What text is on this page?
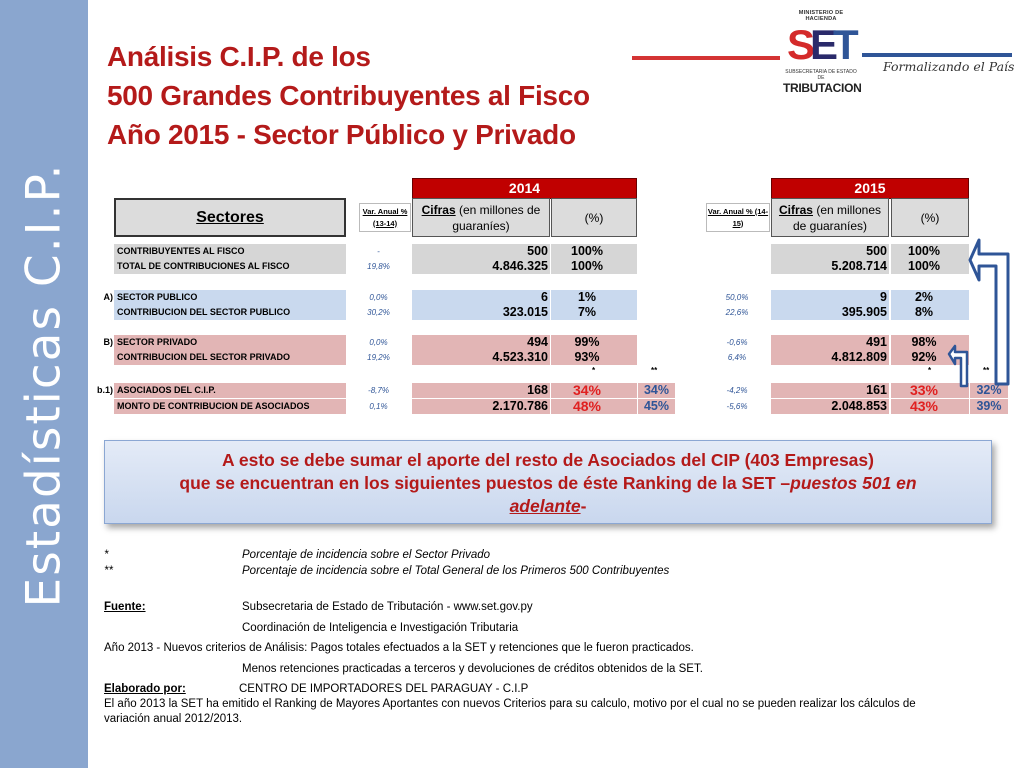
Estadísticas C.I.P.
Análisis C.I.P. de los
500 Grandes Contribuyentes al Fisco
Año 2015 - Sector Público y Privado
MINISTERIO DE HACIENDA
S
E
T
SUBSECRETARIA DE ESTADO DE
TRIBUTACION
Formalizando el País
2014	2015
Sectores	Var. Anual % (13-14)
Cifras (en millones de guaraníes)
(%)	Var. Anual % (14-15)
Cifras (en millones de guaraníes)
(%)
CONTRIBUYENTES AL FISCO	-	500	100%	500	100%
TOTAL DE CONTRIBUCIONES AL FISCO	19,8%	4.846.325	100%	5.208.714	100%
A) SECTOR PUBLICO	0,0%	6	1%	50,0%	9	2%
CONTRIBUCION DEL SECTOR PUBLICO	30,2%	323.015	7%	22,6%	395.905	8%
B) SECTOR PRIVADO	0,0%	494	99%	-0,6%	491	98%
CONTRIBUCION DEL SECTOR PRIVADO	19,2%	4.523.310	93%	6,4%	4.812.809	92%
*	**	*	**
b.1) ASOCIADOS DEL C.I.P.	-8,7%	168	34%	34%	-4,2%	161	33%	32%
MONTO DE CONTRIBUCION DE ASOCIADOS	0,1%	2.170.786	48%	45%	-5,6%	2.048.853	43%	39%
A esto se debe sumar el aporte del resto de Asociados del CIP (403 Empresas)
que se encuentran en los siguientes puestos de éste Ranking de la SET –puestos 501 en
adelante-
*	Porcentaje de incidencia sobre el Sector Privado
**	Porcentaje de incidencia sobre el Total General de los Primeros 500 Contribuyentes
Fuente:	Subsecretaria de Estado de Tributación - www.set.gov.py
Coordinación de Inteligencia e Investigación Tributaria
Año 2013 - Nuevos criterios de Análisis: Pagos totales efectuados a la SET y retenciones que le fueron practicados.
Menos retenciones practicadas a terceros y devoluciones de créditos obtenidos de la SET.
Elaborado por:	CENTRO DE IMPORTADORES DEL PARAGUAY - C.I.P
El año 2013 la SET ha emitido el Ranking de Mayores Aportantes con nuevos Criterios para su calculo, motivo por el cual no se pueden realizar los cálculos de
variación anual 2012/2013.
